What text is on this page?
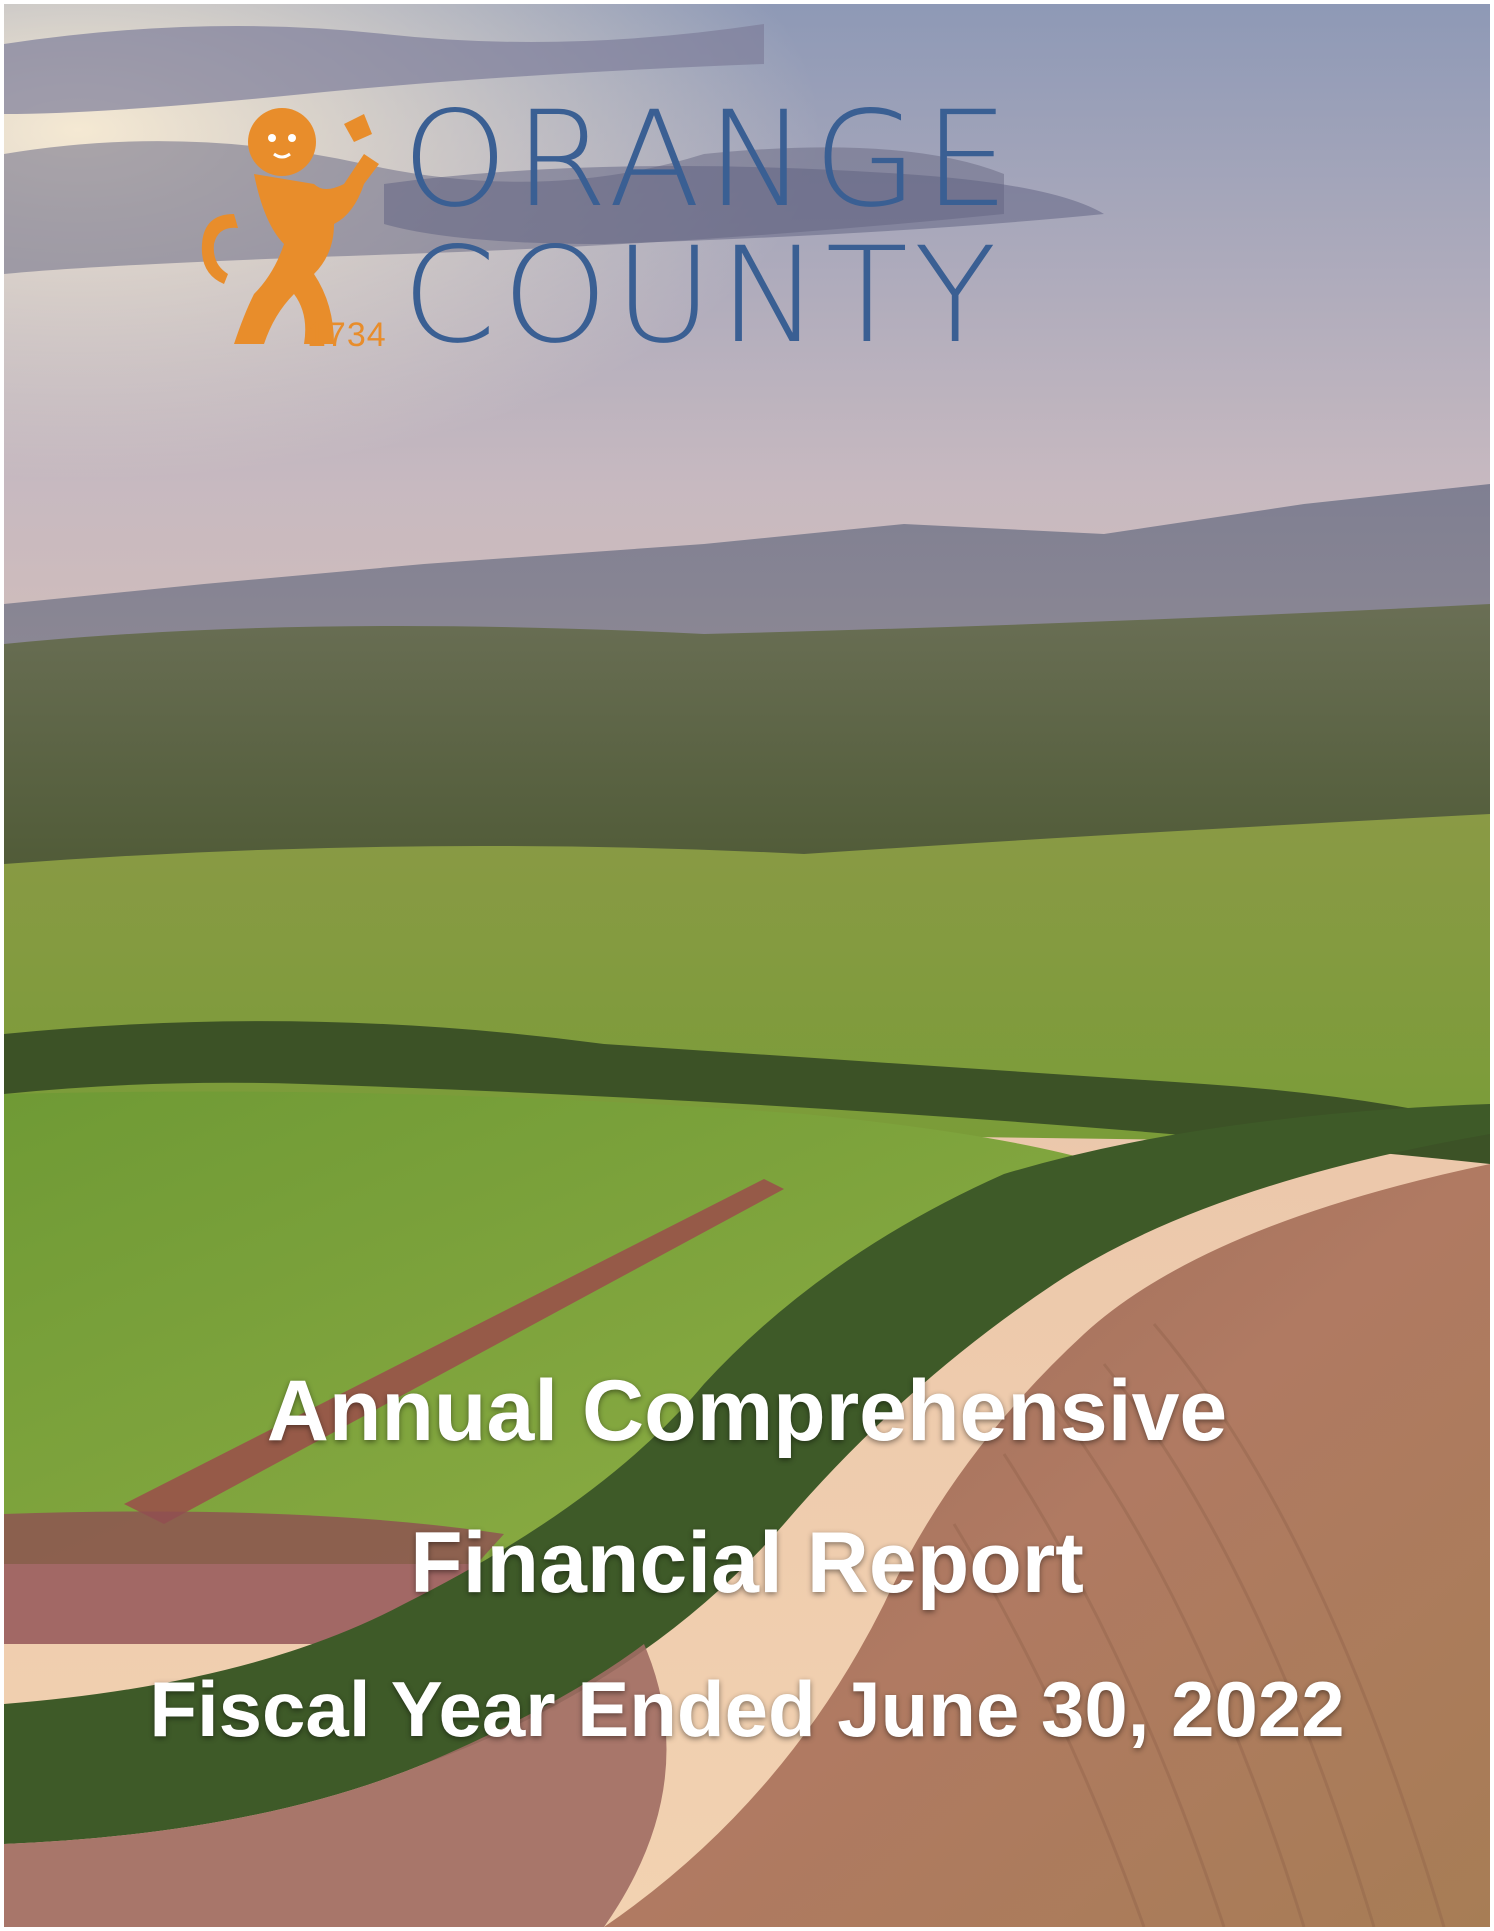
1734
ORANGE
COUNTY
Annual Comprehensive
Financial Report
Fiscal Year Ended June 30, 2022
